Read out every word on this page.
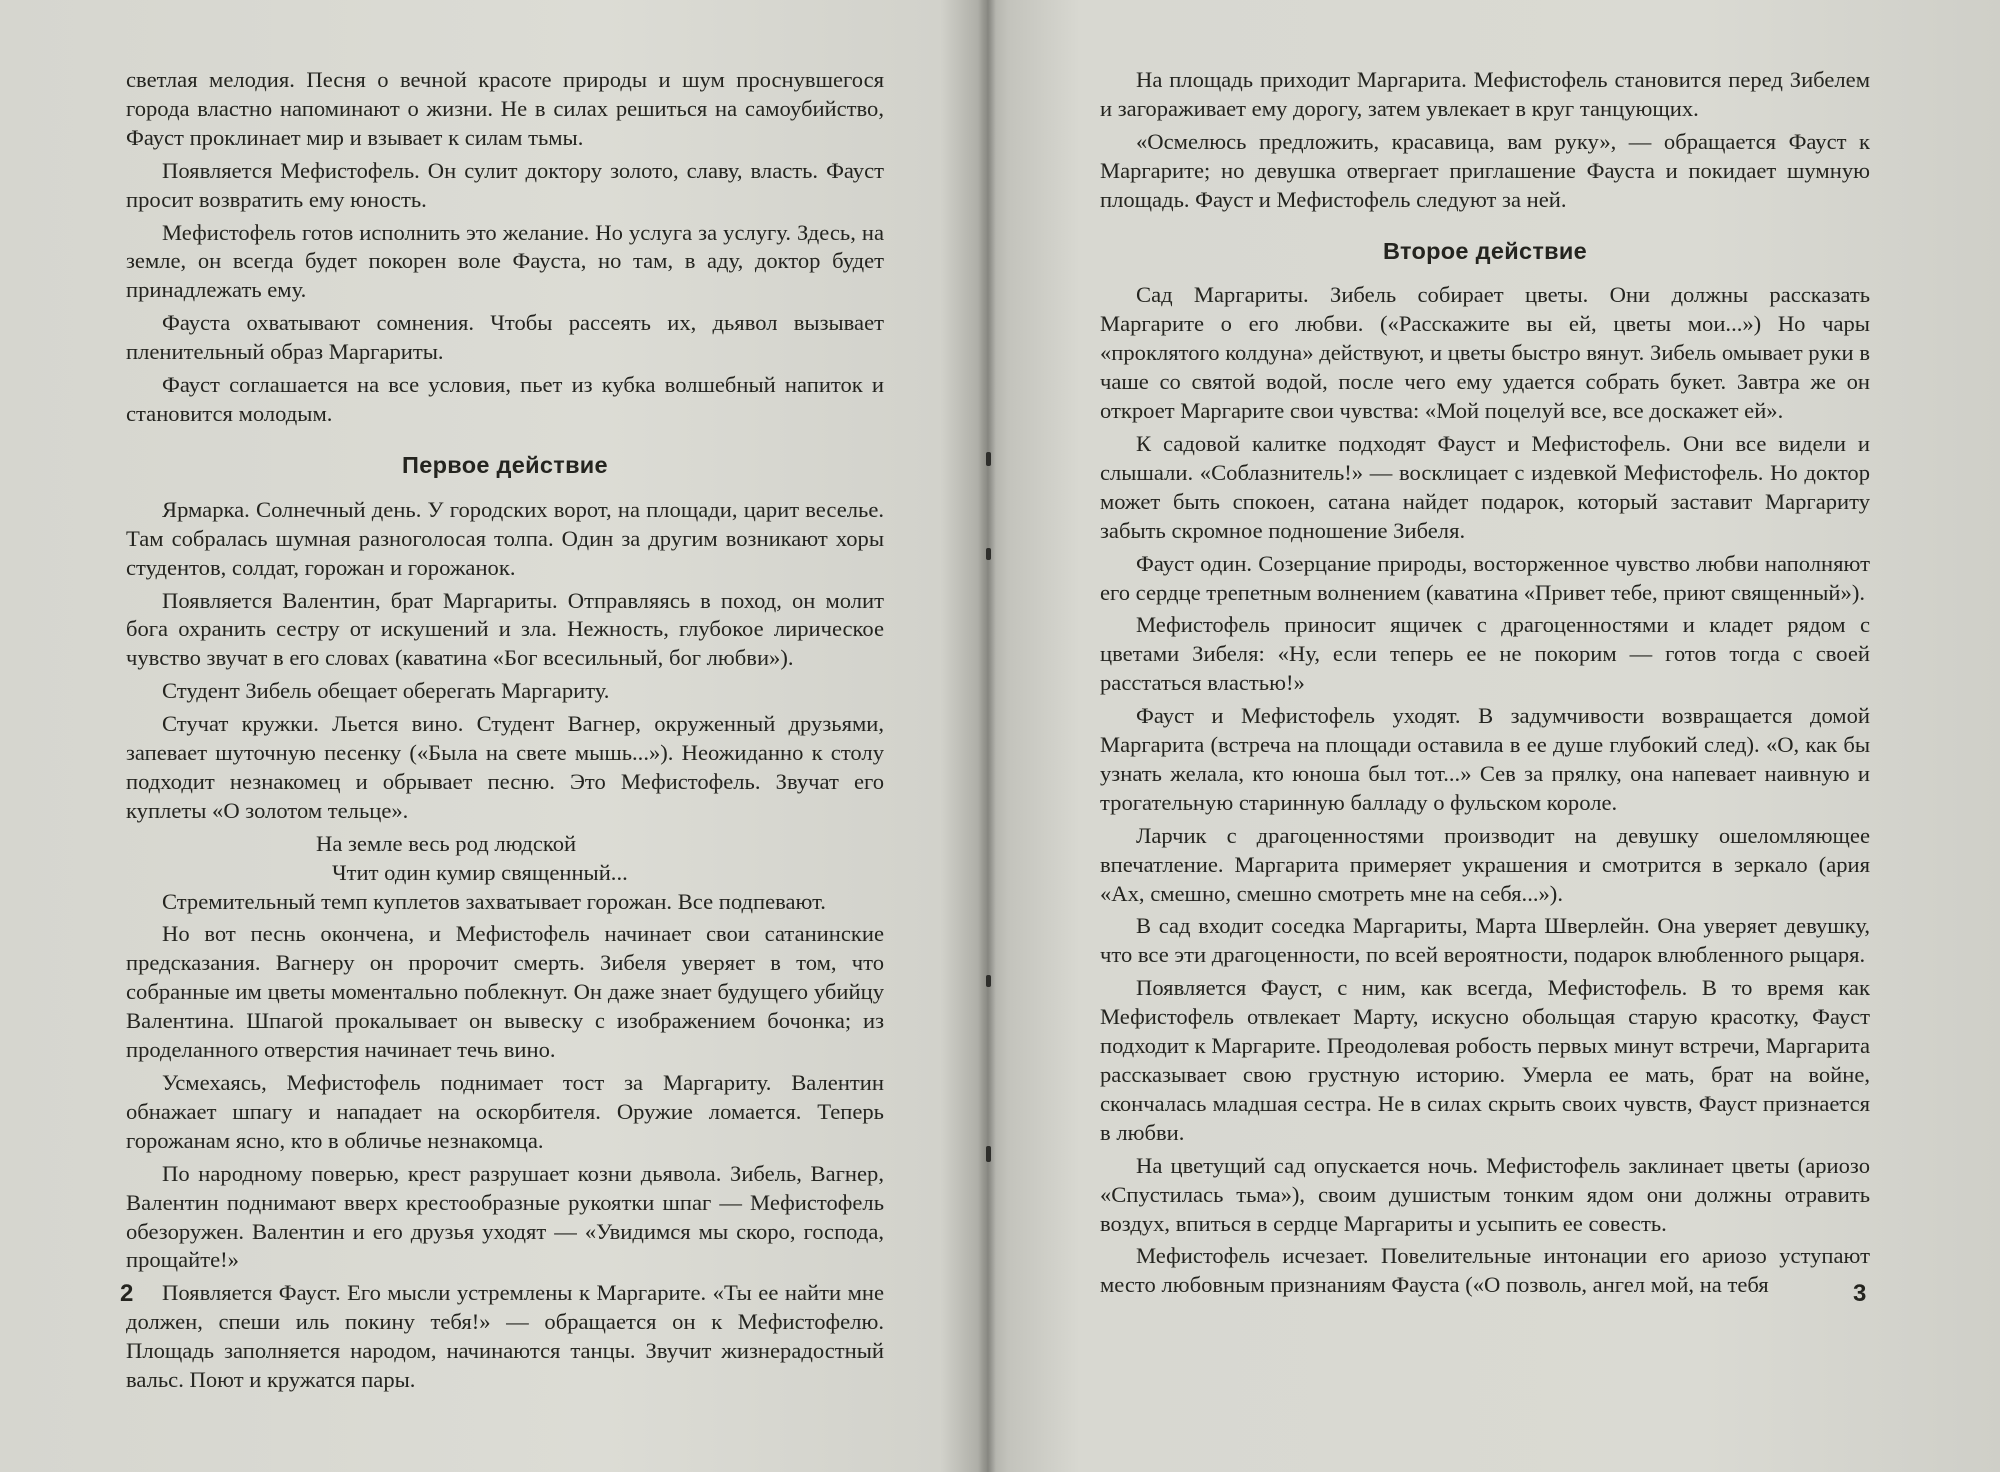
светлая мелодия. Песня о вечной красоте природы и шум проснувшегося города властно напоминают о жизни. Не в силах решиться на самоубийство, Фауст проклинает мир и взывает к силам тьмы.

Появляется Мефистофель. Он сулит доктору золото, славу, власть. Фауст просит возвратить ему юность.

Мефистофель готов исполнить это желание. Но услуга за услугу. Здесь, на земле, он всегда будет покорен воле Фауста, но там, в аду, доктор будет принадлежать ему.

Фауста охватывают сомнения. Чтобы рассеять их, дьявол вызывает пленительный образ Маргариты.

Фауст соглашается на все условия, пьет из кубка волшебный напиток и становится молодым.

Первое действие

Ярмарка. Солнечный день. У городских ворот, на площади, царит веселье. Там собралась шумная разноголосая толпа. Один за другим возникают хоры студентов, солдат, горожан и горожанок.

Появляется Валентин, брат Маргариты. Отправляясь в поход, он молит бога охранить сестру от искушений и зла. Нежность, глубокое лирическое чувство звучат в его словах (каватина «Бог всесильный, бог любви»).

Студент Зибель обещает оберегать Маргариту.

Стучат кружки. Льется вино. Студент Вагнер, окруженный друзьями, запевает шуточную песенку («Была на свете мышь...»). Неожиданно к столу подходит незнакомец и обрывает песню. Это Мефистофель. Звучат его куплеты «О золотом тельце».

На земле весь род людской
Чтит один кумир священный...

Стремительный темп куплетов захватывает горожан. Все подпевают.

Но вот песнь окончена, и Мефистофель начинает свои сатанинские предсказания. Вагнеру он пророчит смерть. Зибеля уверяет в том, что собранные им цветы моментально поблекнут. Он даже знает будущего убийцу Валентина. Шпагой прокалывает он вывеску с изображением бочонка; из проделанного отверстия начинает течь вино.

Усмехаясь, Мефистофель поднимает тост за Маргариту. Валентин обнажает шпагу и нападает на оскорбителя. Оружие ломается. Теперь горожанам ясно, кто в обличье незнакомца.

По народному поверью, крест разрушает козни дьявола. Зибель, Вагнер, Валентин поднимают вверх крестообразные рукоятки шпаг — Мефистофель обезоружен. Валентин и его друзья уходят — «Увидимся мы скоро, господа, прощайте!»

Появляется Фауст. Его мысли устремлены к Маргарите. «Ты ее найти мне должен, спеши иль покину тебя!» — обращается он к Мефистофелю. Площадь заполняется народом, начинаются танцы. Звучит жизнерадостный вальс. Поют и кружатся пары.

2

На площадь приходит Маргарита. Мефистофель становится перед Зибелем и загораживает ему дорогу, затем увлекает в круг танцующих.

«Осмелюсь предложить, красавица, вам руку», — обращается Фауст к Маргарите; но девушка отвергает приглашение Фауста и покидает шумную площадь. Фауст и Мефистофель следуют за ней.

Второе действие

Сад Маргариты. Зибель собирает цветы. Они должны рассказать Маргарите о его любви. («Расскажите вы ей, цветы мои...») Но чары «проклятого колдуна» действуют, и цветы быстро вянут. Зибель омывает руки в чаше со святой водой, после чего ему удается собрать букет. Завтра же он откроет Маргарите свои чувства: «Мой поцелуй все, все доскажет ей».

К садовой калитке подходят Фауст и Мефистофель. Они все видели и слышали. «Соблазнитель!» — восклицает с издевкой Мефистофель. Но доктор может быть спокоен, сатана найдет подарок, который заставит Маргариту забыть скромное подношение Зибеля.

Фауст один. Созерцание природы, восторженное чувство любви наполняют его сердце трепетным волнением (каватина «Привет тебе, приют священный»).

Мефистофель приносит ящичек с драгоценностями и кладет рядом с цветами Зибеля: «Ну, если теперь ее не покорим — готов тогда с своей расстаться властью!»

Фауст и Мефистофель уходят. В задумчивости возвращается домой Маргарита (встреча на площади оставила в ее душе глубокий след). «О, как бы узнать желала, кто юноша был тот...» Сев за прялку, она напевает наивную и трогательную старинную балладу о фульском короле.

Ларчик с драгоценностями производит на девушку ошеломляющее впечатление. Маргарита примеряет украшения и смотрится в зеркало (ария «Ах, смешно, смешно смотреть мне на себя...»).

В сад входит соседка Маргариты, Марта Шверлейн. Она уверяет девушку, что все эти драгоценности, по всей вероятности, подарок влюбленного рыцаря.

Появляется Фауст, с ним, как всегда, Мефистофель. В то время как Мефистофель отвлекает Марту, искусно обольщая старую красотку, Фауст подходит к Маргарите. Преодолевая робость первых минут встречи, Маргарита рассказывает свою грустную историю. Умерла ее мать, брат на войне, скончалась младшая сестра. Не в силах скрыть своих чувств, Фауст признается в любви.

На цветущий сад опускается ночь. Мефистофель заклинает цветы (ариозо «Спустилась тьма»), своим душистым тонким ядом они должны отравить воздух, впиться в сердце Маргариты и усыпить ее совесть.

Мефистофель исчезает. Повелительные интонации его ариозо уступают место любовным признаниям Фауста («О позволь, ангел мой, на тебя	3
